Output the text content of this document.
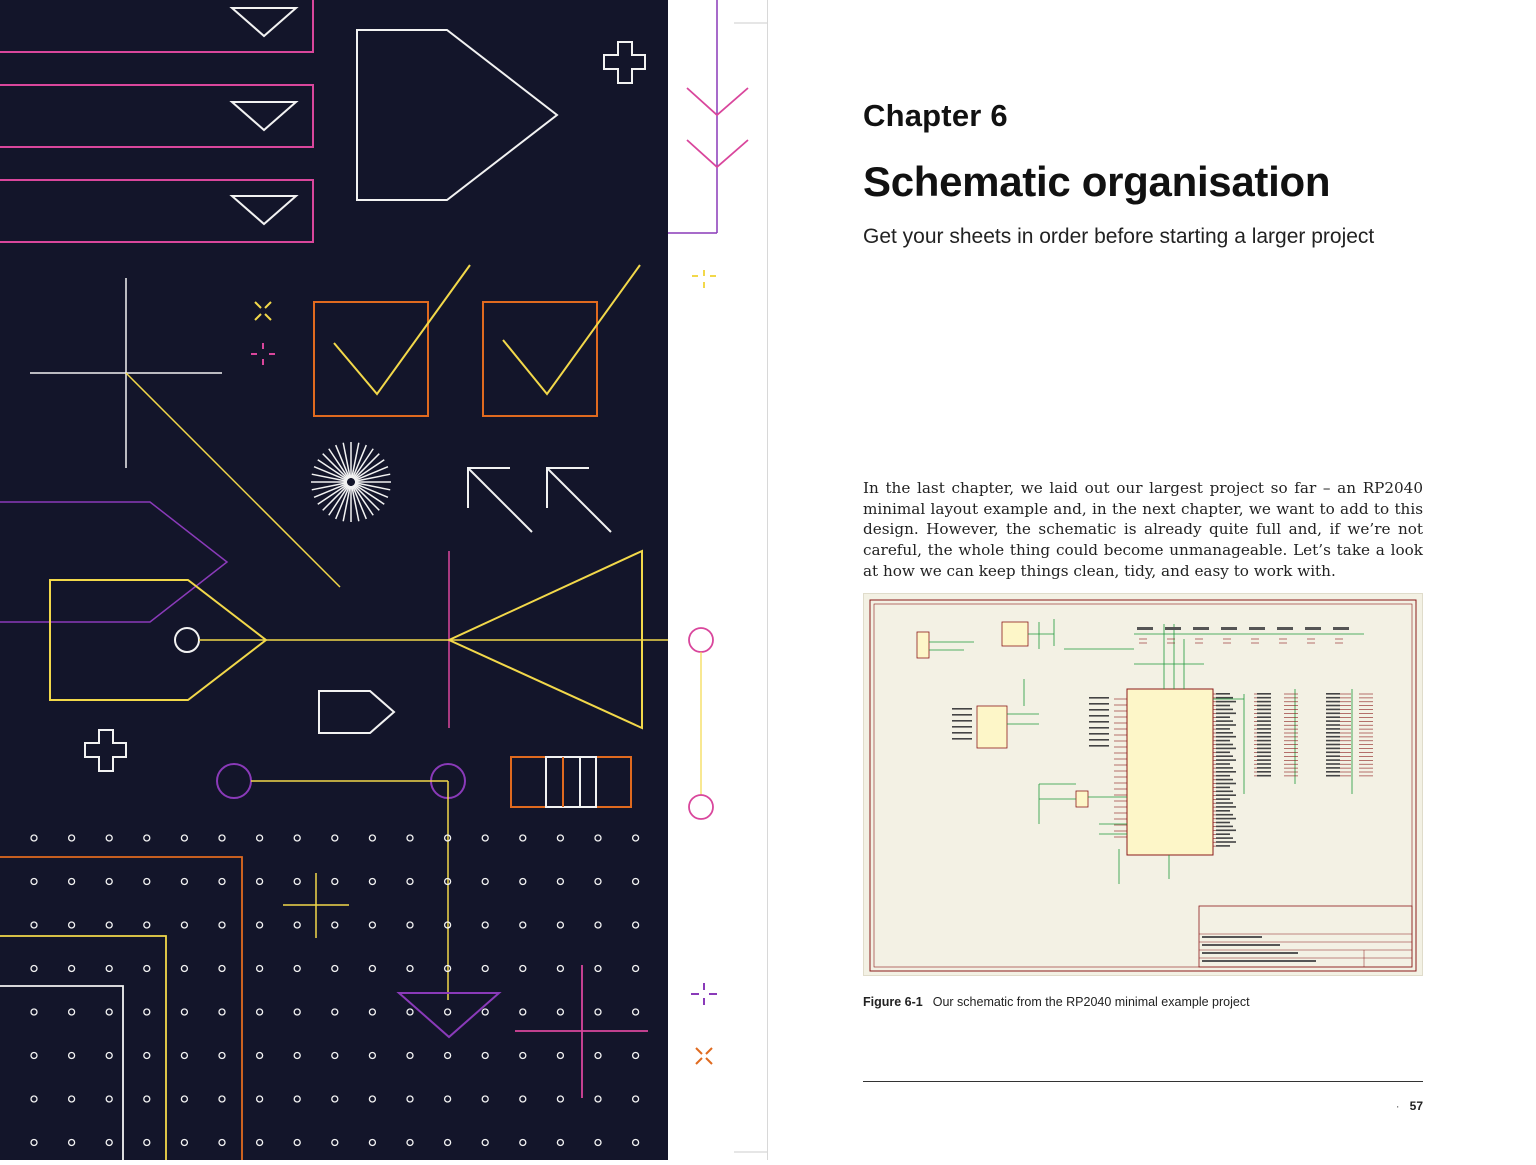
Chapter 6
Schematic organisation
Get your sheets in order before starting a larger project

In the last chapter, we laid out our largest project so far – an RP2040 minimal layout example and, in the next chapter, we want to add to this design. However, the schematic is already quite full and, if we’re not careful, the whole thing could become unmanageable. Let’s take a look at how we can keep things clean, tidy, and easy to work with.

Figure 6-1 Our schematic from the RP2040 minimal example project
· 57
